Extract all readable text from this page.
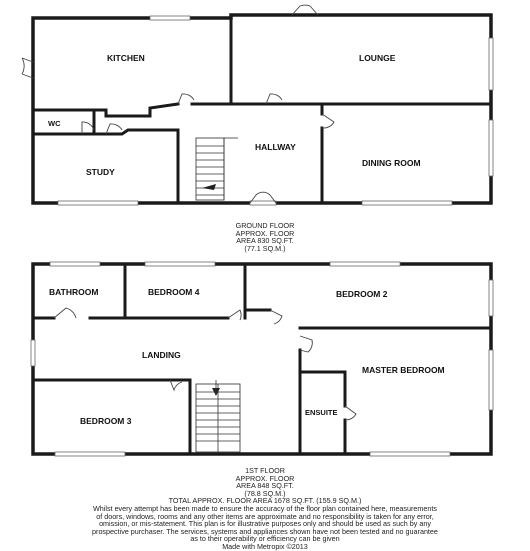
KITCHEN	LOUNGE
WC
HALLWAY
STUDY
DINING ROOM
BATHROOM	BEDROOM 4	BEDROOM 2
LANDING
MASTER BEDROOM
ENSUITE
BEDROOM 3
GROUND FLOOR
APPROX. FLOOR
AREA 830 SQ.FT.
(77.1 SQ.M.)
1ST FLOOR
APPROX. FLOOR
AREA 848 SQ.FT.
(78.8 SQ.M.)
TOTAL APPROX. FLOOR AREA 1678 SQ.FT. (155.9 SQ.M.)
Whilst every attempt has been made to ensure the accuracy of the floor plan contained here, measurements
of doors, windows, rooms and any other items are approximate and no responsibility is taken for any error,
omission, or mis-statement. This plan is for illustrative purposes only and should be used as such by any
prospective purchaser. The services, systems and appliances shown have not been tested and no guarantee
as to their operability or efficiency can be given
Made with Metropix ©2013
